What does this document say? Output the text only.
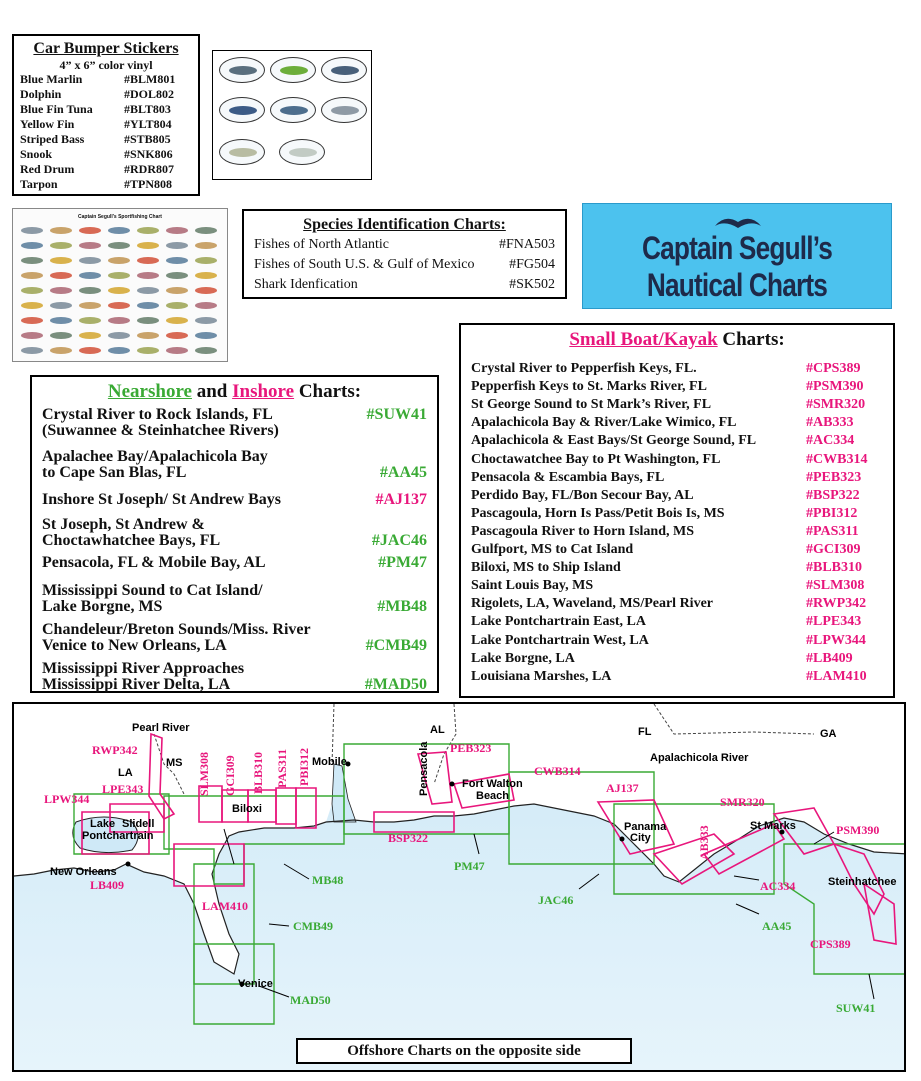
Car Bumper Stickers
4” x 6” color vinyl
Blue Marlin	#BLM801
Dolphin	#DOL802
Blue Fin Tuna	#BLT803
Yellow Fin	#YLT804
Striped Bass	#STB805
Snook	#SNK806
Red Drum	#RDR807
Tarpon	#TPN808
Captain Segull's Sportfishing Chart	Species Identification Charts:
Fishes of North Atlantic	#FNA503
Fishes of South U.S. & Gulf of Mexico #FG504
Shark Idenfication	#SK502
Captain Segull’s
Nautical Charts
Nearshore and Inshore Charts:
Crystal River to Rock Islands, FL
(Suwannee & Steinhatchee Rivers)
#SUW41
Apalachee Bay/Apalachicola Bay
to Cape San Blas, FL	#AA45
Inshore St Joseph/ St Andrew Bays	#AJ137
St Joseph, St Andrew &
Choctawhatchee Bays, FL	#JAC46
Pensacola, FL & Mobile Bay, AL	#PM47
Mississippi Sound to Cat Island/
Lake Borgne, MS	#MB48
Chandeleur/Breton Sounds/Miss. River
Venice to New Orleans, LA	#CMB49
Mississippi River Approaches
Mississippi River Delta, LA	#MAD50
Small Boat/Kayak Charts:
Crystal River to Pepperfish Keys, FL.	#CPS389
Pepperfish Keys to St. Marks River, FL	#PSM390
St George Sound to St Mark’s River, FL	#SMR320
Apalachicola Bay & River/Lake Wimico, FL	#AB333
Apalachicola & East Bays/St George Sound, FL	#AC334
Choctawatchee Bay to Pt Washington, FL	#CWB314
Pensacola & Escambia Bays, FL	#PEB323
Perdido Bay, FL/Bon Secour Bay, AL	#BSP322
Pascagoula, Horn Is Pass/Petit Bois Is, MS	#PBI312
Pascagoula River to Horn Island, MS	#PAS311
Gulfport, MS to Cat Island	#GCI309
Biloxi, MS to Ship Island	#BLB310
Saint Louis Bay, MS	#SLM308
Rigolets, LA, Waveland, MS/Pearl River	#RWP342
Lake Pontchartrain East, LA	#LPE343
Lake Pontchartrain West, LA	#LPW344
Lake Borgne, LA	#LB409
Louisiana Marshes, LA	#LAM410
Pearl River
MS
LA
AL	FL	GA
Mobile
Biloxi
Slidell
Lake
Pontchartrain
New Orleans
Venice
Pensacola	Fort Walton
Beach
Panama
City
Apalachicola River
St Marks
Steinhatchee
RWP342
LPW344
LPE343
LB409
SLM308 GCI309 BLB310 PAS311 PBI312
LAM410
PEB323
BSP322
CWB314
AJ137
AB333
SMR320
AC334
PSM390
CPS389
MB48
CMB49
MAD50
PM47
JAC46
AA45
SUW41
Offshore Charts on the opposite side
